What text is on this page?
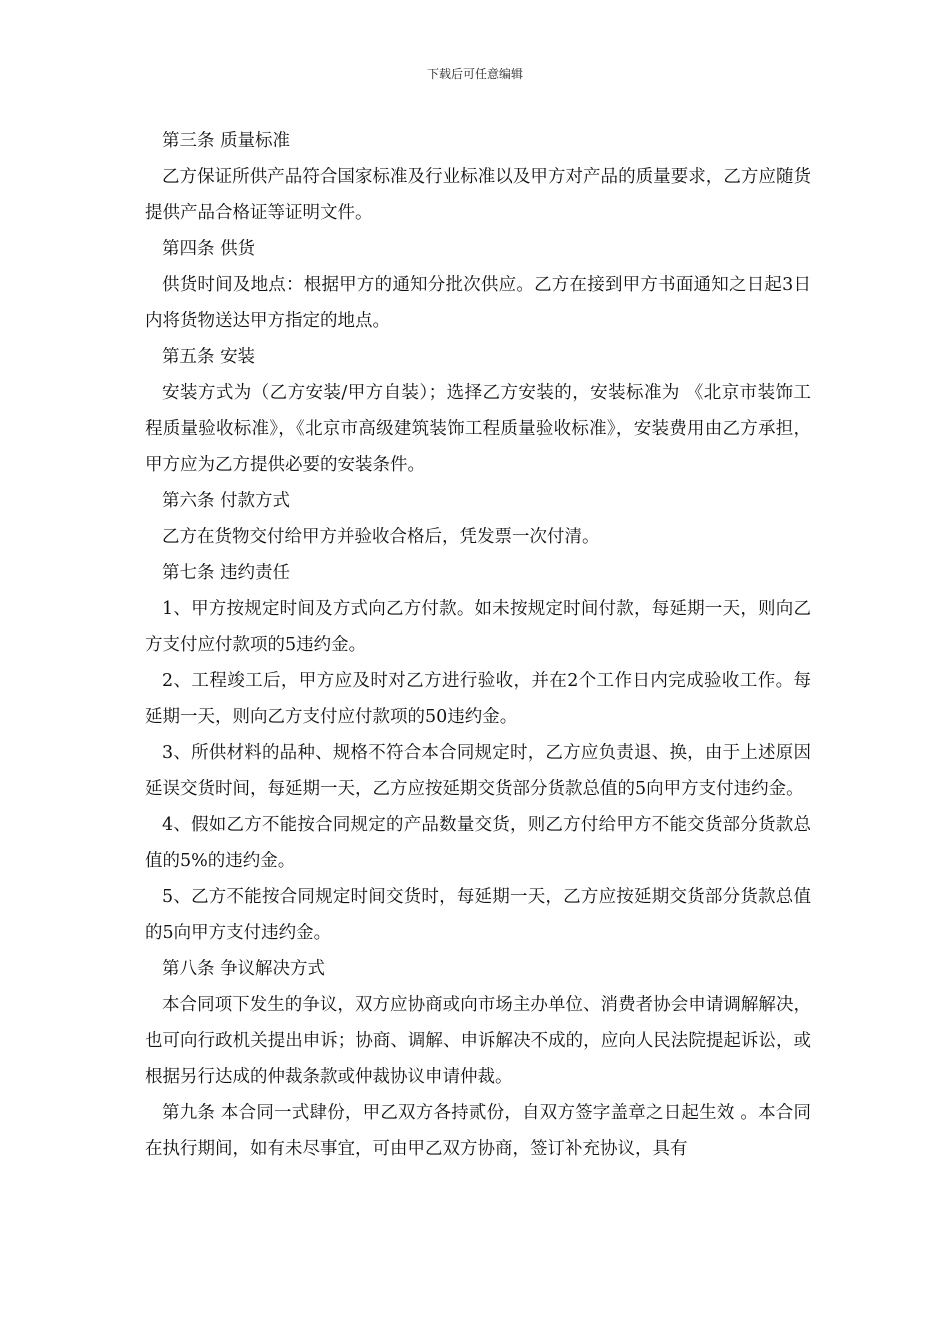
下载后可任意编辑

第三条 质量标准

乙方保证所供产品符合国家标准及行业标准以及甲方对产品的质量要求，乙方应随货提供产品合格证等证明文件。

第四条 供货

供货时间及地点：根据甲方的通知分批次供应。乙方在接到甲方书面通知之日起3日内将货物送达甲方指定的地点。

第五条 安装

安装方式为（乙方安装/甲方自装）；选择乙方安装的，安装标准为 《北京市装饰工程质量验收标准》，《北京市高级建筑装饰工程质量验收标准》，安装费用由乙方承担，甲方应为乙方提供必要的安装条件。

第六条 付款方式

乙方在货物交付给甲方并验收合格后，凭发票一次付清。

第七条 违约责任

1、甲方按规定时间及方式向乙方付款。如未按规定时间付款，每延期一天，则向乙方支付应付款项的5违约金。

2、工程竣工后，甲方应及时对乙方进行验收，并在2个工作日内完成验收工作。每延期一天，则向乙方支付应付款项的50违约金。

3、所供材料的品种、规格不符合本合同规定时，乙方应负责退、换，由于上述原因延误交货时间，每延期一天，乙方应按延期交货部分货款总值的5向甲方支付违约金。

4、假如乙方不能按合同规定的产品数量交货，则乙方付给甲方不能交货部分货款总值的5%的违约金。

5、乙方不能按合同规定时间交货时，每延期一天，乙方应按延期交货部分货款总值的5向甲方支付违约金。

第八条 争议解决方式

本合同项下发生的争议，双方应协商或向市场主办单位、消费者协会申请调解解决，也可向行政机关提出申诉；协商、调解、申诉解决不成的，应向人民法院提起诉讼，或根据另行达成的仲裁条款或仲裁协议申请仲裁。

第九条 本合同一式肆份，甲乙双方各持贰份，自双方签字盖章之日起生效 。本合同在执行期间，如有未尽事宜，可由甲乙双方协商，签订补充协议，具有
